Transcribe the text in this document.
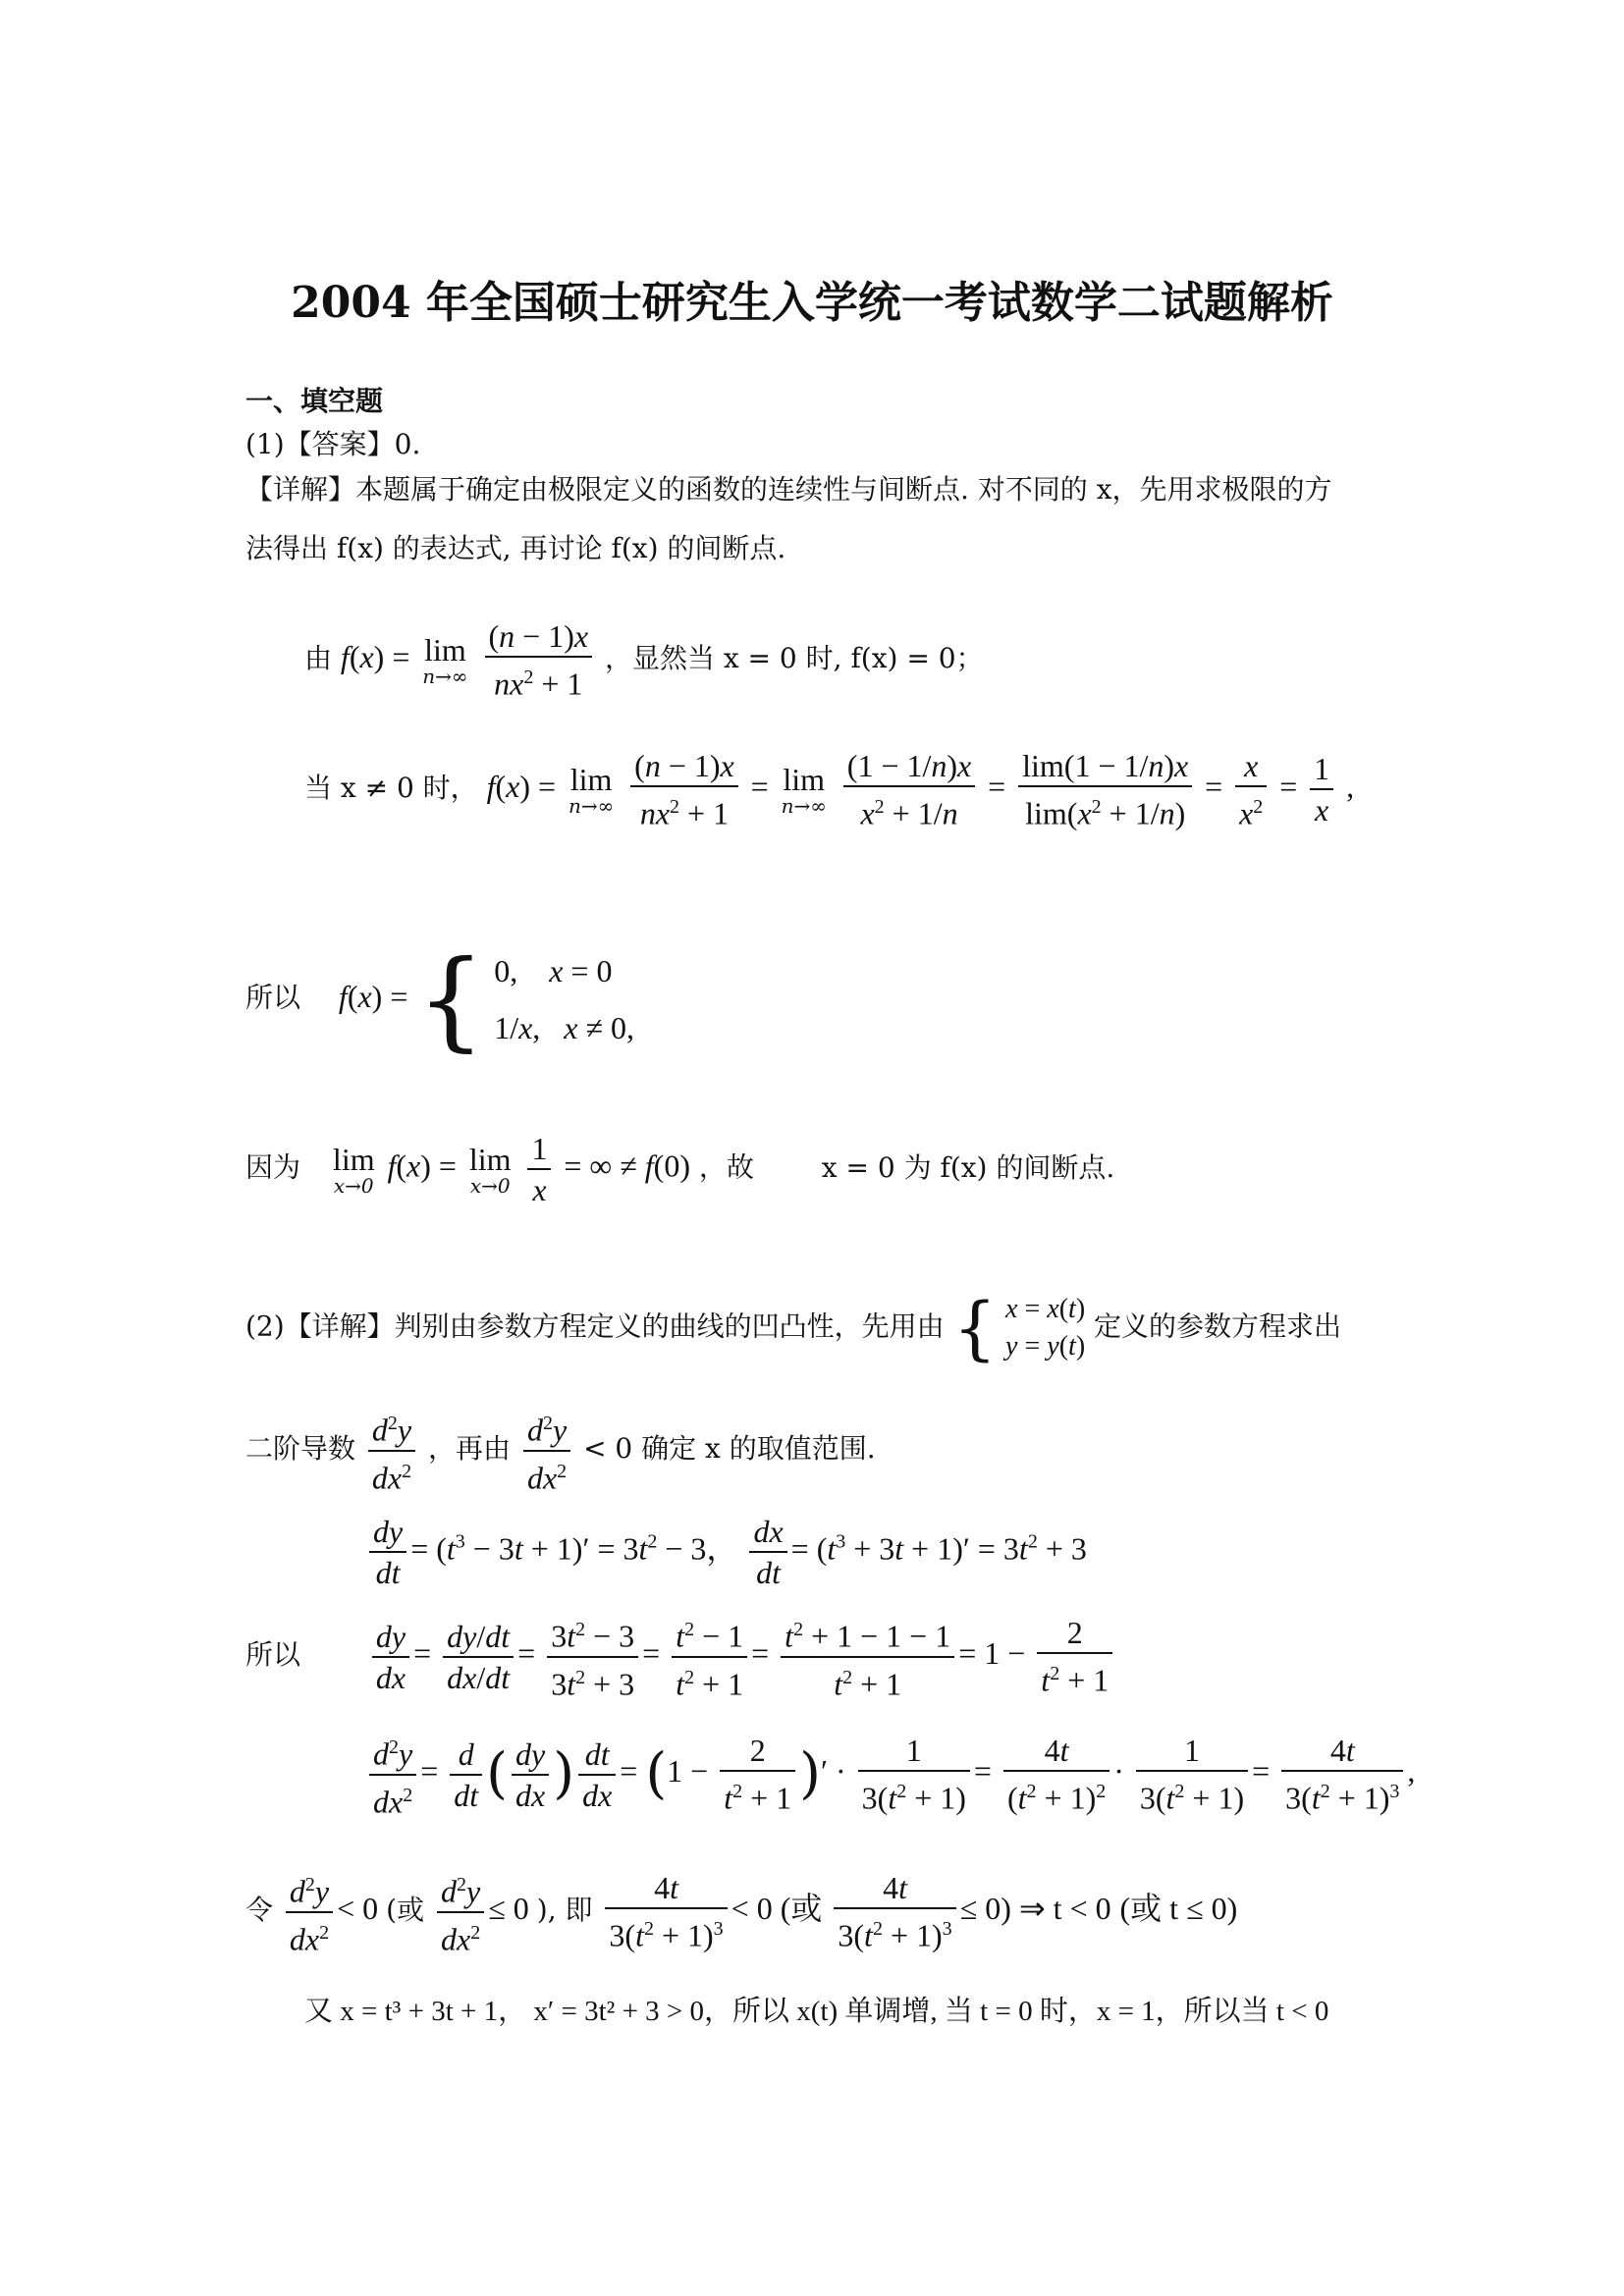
2004 年全国硕士研究生入学统一考试数学二试题解析
一、填空题
(1)【答案】0.
【详解】本题属于确定由极限定义的函数的连续性与间断点. 对不同的 x，先用求极限的方
法得出 f(x) 的表达式, 再讨论 f(x) 的间断点.
由 f(x) = lim
n→∞
$\frac{(n - 1)x}{nx^2 + 1}$ ，显然当 x = 0 时, f(x) = 0；
当 x ≠ 0 时， f(x) = lim
n→∞
$\frac{(n - 1)x}{nx^2 + 1} = \lim$
n→∞
$\frac{(1 - 1/n)x}{x^2 + 1/n} = \frac{\lim(1 - 1/n)x}{\lim(x^2 + 1/n)} = \frac{x}{x^2} = \frac{1}{x}$ ,
所以 f(x) = { 0,    x = 0
1/x,   x ≠ 0,
因为 lim
x→0
f(x) = lim
x→0
$\frac{1}{x}$ = ∞ ≠ f(0) ，故 x = 0 为 f(x) 的间断点.
(2)【详解】判别由参数方程定义的曲线的凹凸性，先用由 { x = x(t)
y = y(t)
定义的参数方程求出
二阶导数 $\frac{d^2y}{dx^2}$ ，再由 $\frac{d^2y}{dx^2} < 0$ 确定 x 的取值范围.
$\frac{dy}{dt} = (t^3 - 3t + 1)' = 3t^2 - 3$， $\frac{dx}{dt} = (t^3 + 3t + 1)' = 3t^2 + 3$
所以 $\frac{dy}{dx} = \frac{dy/dt}{dx/dt} = \frac{3t^2 - 3}{3t^2 + 3} = \frac{t^2 - 1}{t^2 + 1} = \frac{t^2 + 1 - 1 - 1}{t^2 + 1} = 1 - \frac{2}{t^2 + 1}$
$\frac{d^2y}{dx^2} = \frac{d}{dt}$ ( $\frac{dy}{dx}$ ) $\frac{dt}{dx} = (1 - \frac{2}{t^2 + 1}$ )′ · $\frac{1}{3(t^2 + 1)} = \frac{4t}{(t^2 + 1)^2} \cdot \frac{1}{3(t^2 + 1)} = \frac{4t}{3(t^2 + 1)^3}$ ,
令 $\frac{d^2y}{dx^2} < 0$ (或 $\frac{d^2y}{dx^2} \le 0$ ), 即 $\frac{4t}{3(t^2 + 1)^3} < 0$ (或 $\frac{4t}{3(t^2 + 1)^3} \le 0$) ⇒ t < 0 (或 t ≤ 0)
又 x = t³ + 3t + 1， x′ = 3t² + 3 > 0，所以 x(t) 单调增, 当 t = 0 时，x = 1，所以当 t < 0
